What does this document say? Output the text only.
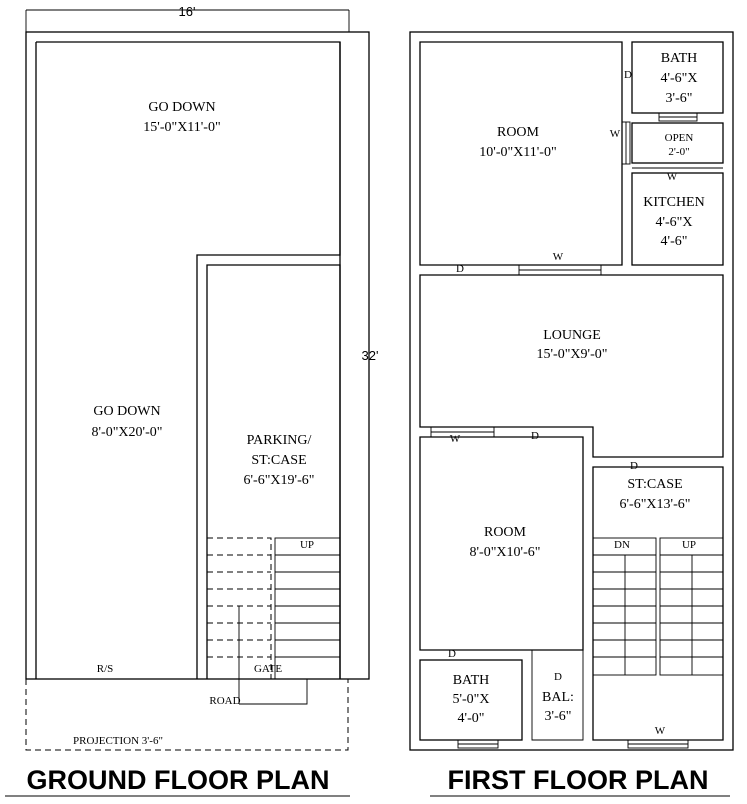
16'
32'
GO DOWN
15'-0"X11'-0"
GO DOWN
8'-0"X20'-0"
PARKING/
ST:CASE
6'-6"X19'-6"
UP
R/S	GATE
ROAD
PROJECTION 3'-6"
GROUND FLOOR PLAN
W
D
W
ROOM
10'-0"X11'-0"
D
BATH
4'-6"X
3'-6"
OPEN
2'-0"
W
KITCHEN
4'-6"X
4'-6"
LOUNGE
15'-0"X9'-0"
W	D
ROOM
8'-0"X10'-6"
D
ST:CASE
6'-6"X13'-6"
DN	UP
W
D
BATH
5'-0"X
4'-0"
D
BAL:
3'-6"
FIRST FLOOR PLAN
